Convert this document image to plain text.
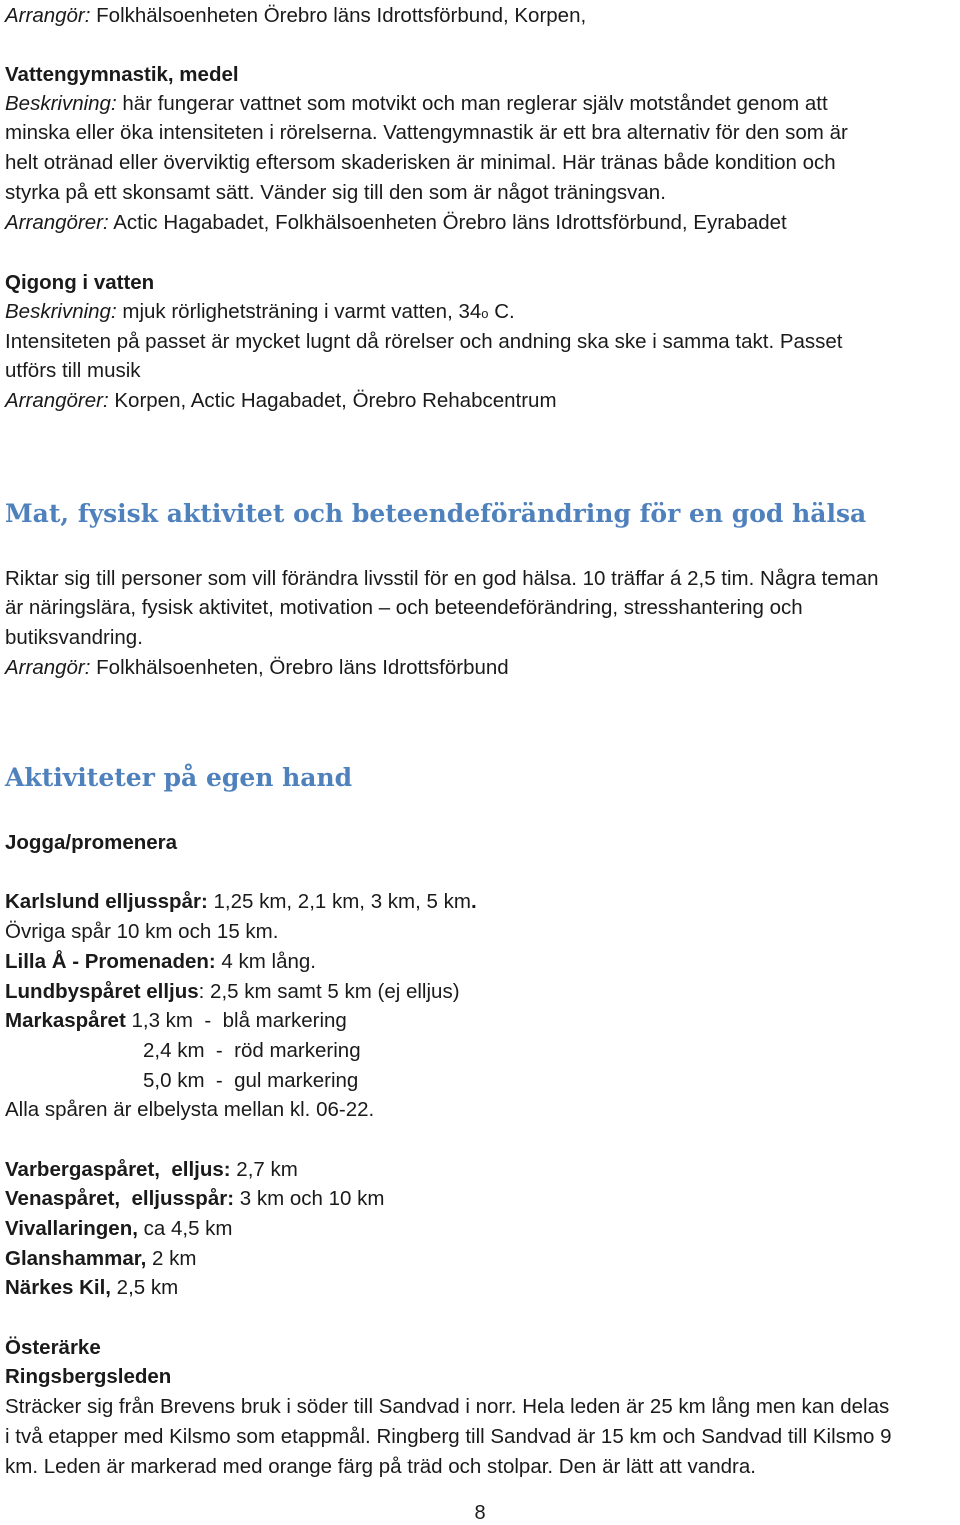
Arrangör: Folkhälsoenheten Örebro läns Idrottsförbund, Korpen,
Vattengymnastik, medel
Beskrivning: här fungerar vattnet som motvikt och man reglerar själv motståndet genom att
minska eller öka intensiteten i rörelserna. Vattengymnastik är ett bra alternativ för den som är
helt otränad eller överviktig eftersom skaderisken är minimal. Här tränas både kondition och
styrka på ett skonsamt sätt. Vänder sig till den som är något träningsvan.
Arrangörer: Actic Hagabadet, Folkhälsoenheten Örebro läns Idrottsförbund, Eyrabadet
Qigong i vatten
Beskrivning: mjuk rörlighetsträning i varmt vatten, 34o C.
Intensiteten på passet är mycket lugnt då rörelser och andning ska ske i samma takt. Passet
utförs till musik
Arrangörer: Korpen, Actic Hagabadet, Örebro Rehabcentrum
Mat, fysisk aktivitet och beteendeförändring för en god hälsa
Riktar sig till personer som vill förändra livsstil för en god hälsa. 10 träffar á 2,5 tim. Några teman
är näringslära, fysisk aktivitet, motivation – och beteendeförändring, stresshantering och
butiksvandring.
Arrangör: Folkhälsoenheten, Örebro läns Idrottsförbund
Aktiviteter på egen hand
Jogga/promenera
Karlslund elljusspår: 1,25 km, 2,1 km, 3 km, 5 km.
Övriga spår 10 km och 15 km.
Lilla Å - Promenaden: 4 km lång.
Lundbyspåret elljus: 2,5 km samt 5 km (ej elljus)
Markaspåret 1,3 km  -  blå markering
2,4 km  -  röd markering
5,0 km  -  gul markering
Alla spåren är elbelysta mellan kl. 06-22.
Varbergaspåret,  elljus: 2,7 km
Venaspåret,  elljusspår: 3 km och 10 km
Vivallaringen, ca 4,5 km
Glanshammar, 2 km
Närkes Kil, 2,5 km
Österärke
Ringsbergsleden
Sträcker sig från Brevens bruk i söder till Sandvad i norr. Hela leden är 25 km lång men kan delas
i två etapper med Kilsmo som etappmål. Ringberg till Sandvad är 15 km och Sandvad till Kilsmo 9
km. Leden är markerad med orange färg på träd och stolpar. Den är lätt att vandra.
8
